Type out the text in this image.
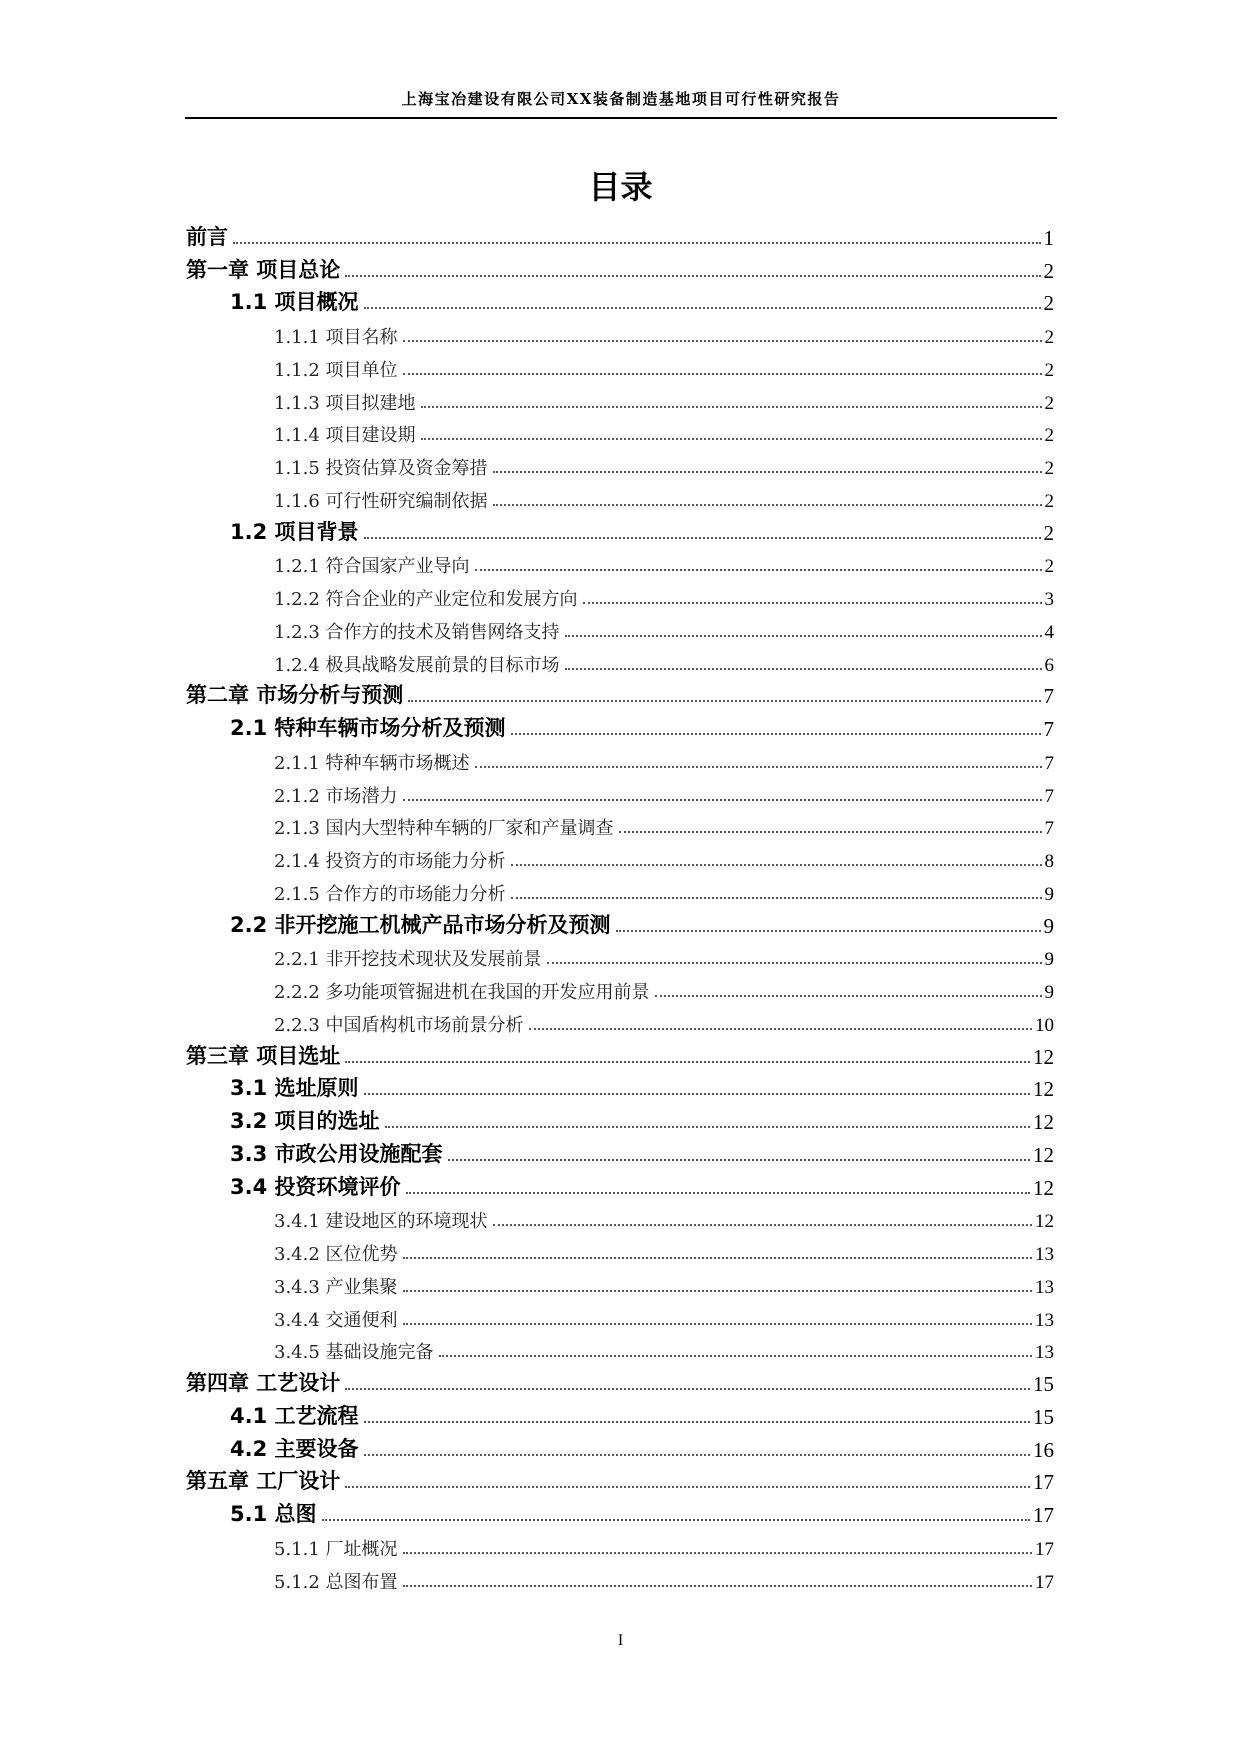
上海宝冶建设有限公司XX装备制造基地项目可行性研究报告
目录
前言	1
第一章 项目总论	2
1.1 项目概况	2
1.1.1 项目名称	2
1.1.2 项目单位	2
1.1.3 项目拟建地	2
1.1.4 项目建设期	2
1.1.5 投资估算及资金筹措	2
1.1.6 可行性研究编制依据	2
1.2 项目背景	2
1.2.1 符合国家产业导向	2
1.2.2 符合企业的产业定位和发展方向	3
1.2.3 合作方的技术及销售网络支持	4
1.2.4 极具战略发展前景的目标市场	6
第二章 市场分析与预测	7
2.1 特种车辆市场分析及预测	7
2.1.1 特种车辆市场概述	7
2.1.2 市场潜力	7
2.1.3 国内大型特种车辆的厂家和产量调查	7
2.1.4 投资方的市场能力分析	8
2.1.5 合作方的市场能力分析	9
2.2 非开挖施工机械产品市场分析及预测	9
2.2.1 非开挖技术现状及发展前景	9
2.2.2 多功能项管掘进机在我国的开发应用前景	9
2.2.3 中国盾构机市场前景分析	10
第三章 项目选址	12
3.1 选址原则	12
3.2 项目的选址	12
3.3 市政公用设施配套	12
3.4 投资环境评价	12
3.4.1 建设地区的环境现状	12
3.4.2 区位优势	13
3.4.3 产业集聚	13
3.4.4 交通便利	13
3.4.5 基础设施完备	13
第四章 工艺设计	15
4.1 工艺流程	15
4.2 主要设备	16
第五章 工厂设计	17
5.1 总图	17
5.1.1 厂址概况	17
5.1.2 总图布置	17
I
